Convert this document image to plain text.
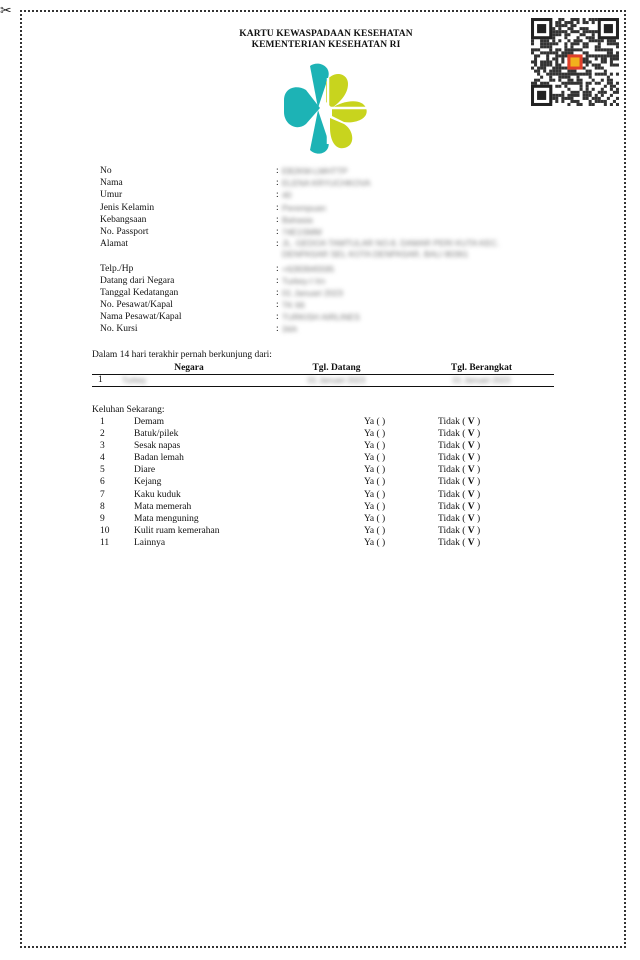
✂
KARTU KEWASPADAAN KESEHATAN
KEMENTERIAN KESEHATAN RI
No	: EB2KM-LMHTTP
Nama	: ELENA KRYUCHKOVA
Umur	: 40
Jenis Kelamin	: Perempuan
Kebangsaan	: Bahasia
No. Passport	: 74E1SMM
Alamat	: JL. GEDOA TAMTULAR NO.8, DAMAR PERI KUTA KEC. DENPASAR SEL KOTA DENPASAR, BALI 80361
Telp./Hp	: +6283945595
Datang dari Negara	: Turkey-I Irn
Tanggal Kedatangan	: 01 Januari 2023
No. Pesawat/Kapal	: TK 66
Nama Pesawat/Kapal	: TURKISH AIRLINES
No. Kursi	: 34A
Dalam 14 hari terakhir pernah berkunjung dari:
	Negara	Tgl. Datang	Tgl. Berangkat
1	Turkey	01 Januari 2023	01 Januari 2023
Keluhan Sekarang:
1	Demam	Ya ( )	Tidak ( V )
2	Batuk/pilek	Ya ( )	Tidak ( V )
3	Sesak napas	Ya ( )	Tidak ( V )
4	Badan lemah	Ya ( )	Tidak ( V )
5	Diare	Ya ( )	Tidak ( V )
6	Kejang	Ya ( )	Tidak ( V )
7	Kaku kuduk	Ya ( )	Tidak ( V )
8	Mata memerah	Ya ( )	Tidak ( V )
9	Mata menguning	Ya ( )	Tidak ( V )
10	Kulit ruam kemerahan	Ya ( )	Tidak ( V )
11	Lainnya	Ya ( )	Tidak ( V )
